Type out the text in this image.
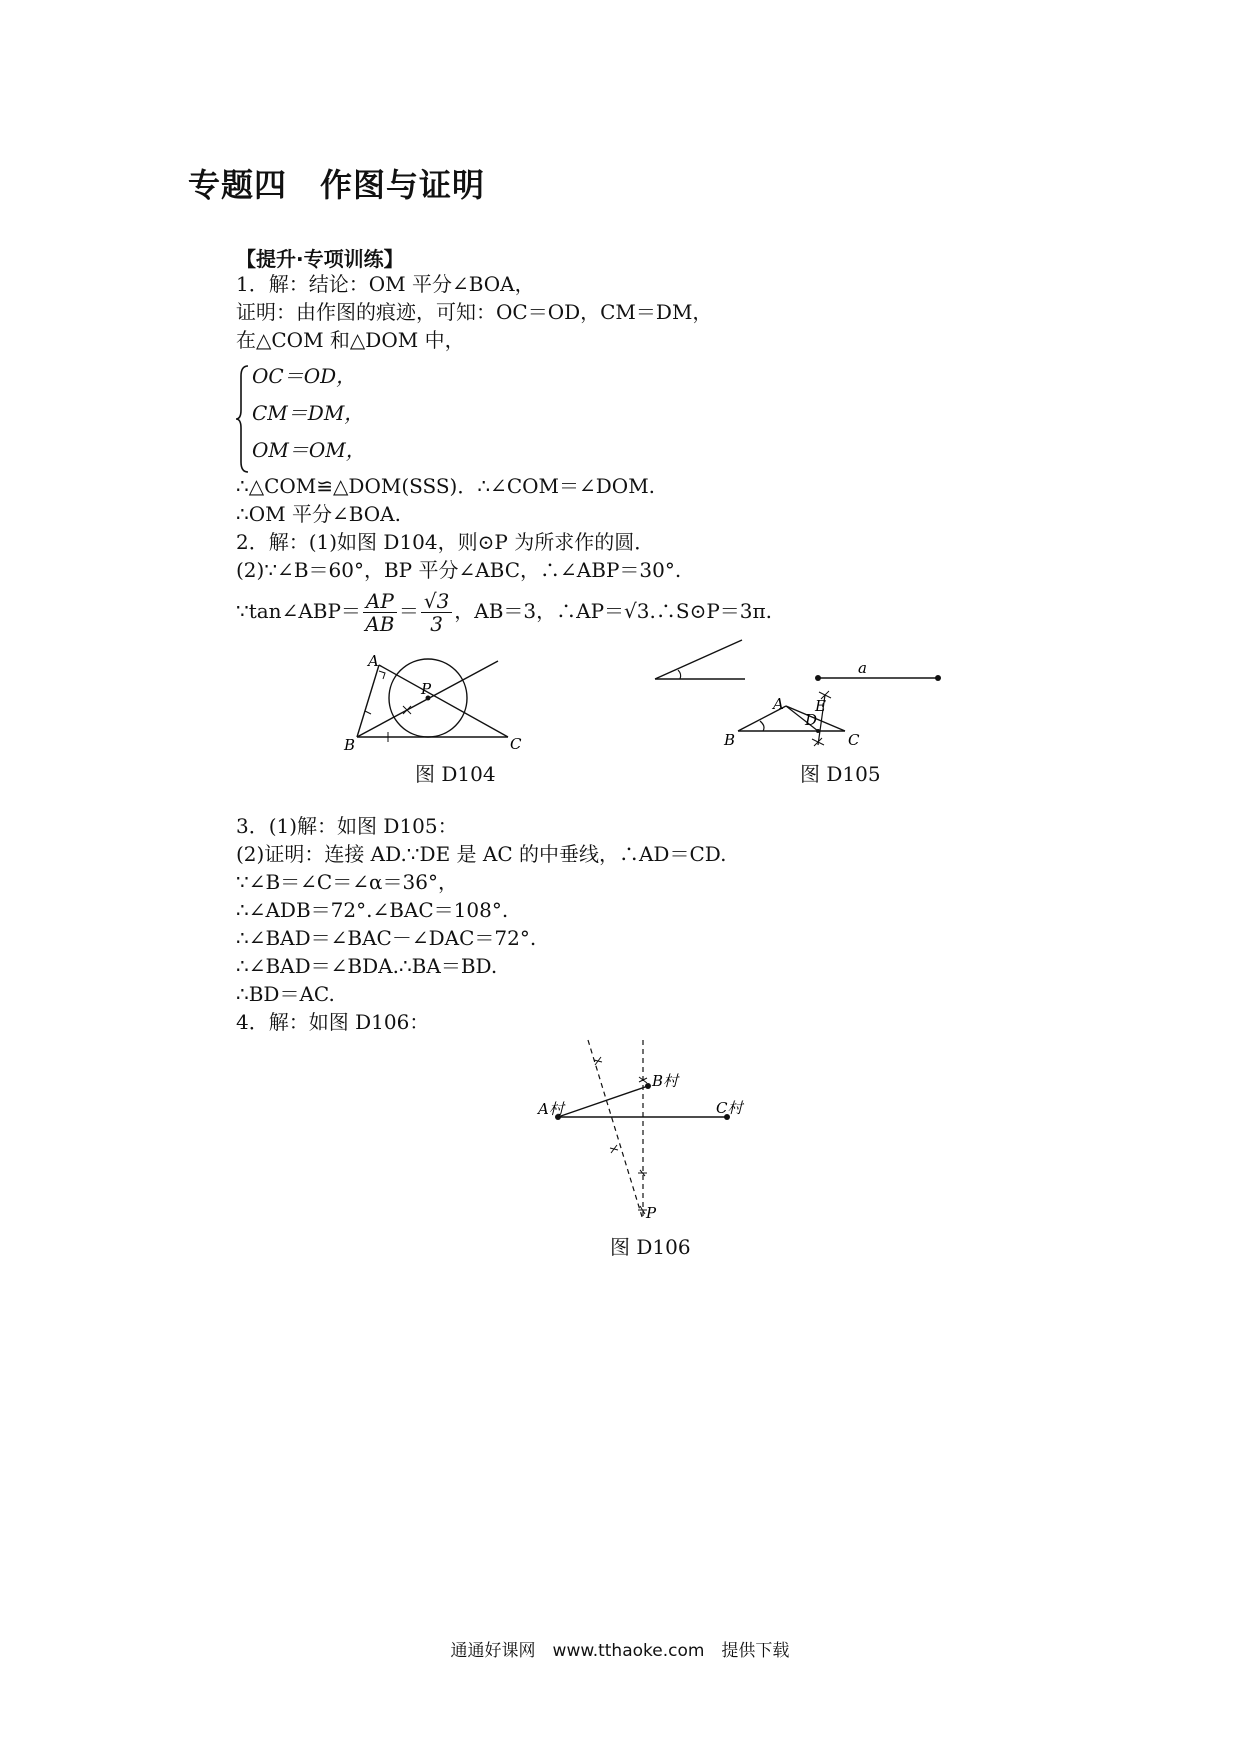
专题四　作图与证明
【提升·专项训练】
1．解：结论：OM 平分∠BOA，
证明：由作图的痕迹，可知：OC＝OD，CM＝DM，
在△COM 和△DOM 中，
OC＝OD，
CM＝DM，
OM＝OM，
∴△COM≌△DOM(SSS)．∴∠COM＝∠DOM.
∴OM 平分∠BOA.
2．解：(1)如图 D104，则⊙P 为所求作的圆．
(2)∵∠B＝60°，BP 平分∠ABC，∴∠ABP＝30°.
∵tan∠ABP＝ $\frac{AP}{AB} = \frac{√3}{3}$ ，AB＝3，∴AP＝√3.∴S⊙P＝3π.
A
B	C
P
图 D104
a
A
B	C
D
E
图 D105
3．(1)解：如图 D105：
(2)证明：连接 AD.∵DE 是 AC 的中垂线，∴AD＝CD.
∵∠B＝∠C＝∠α＝36°，
∴∠ADB＝72°.∠BAC＝108°.
∴∠BAD＝∠BAC－∠DAC＝72°.
∴∠BAD＝∠BDA.∴BA＝BD.
∴BD＝AC.
4．解：如图 D106：
A村
B村
C村
P
图 D106
通通好课网　www.tthaoke.com　提供下载
